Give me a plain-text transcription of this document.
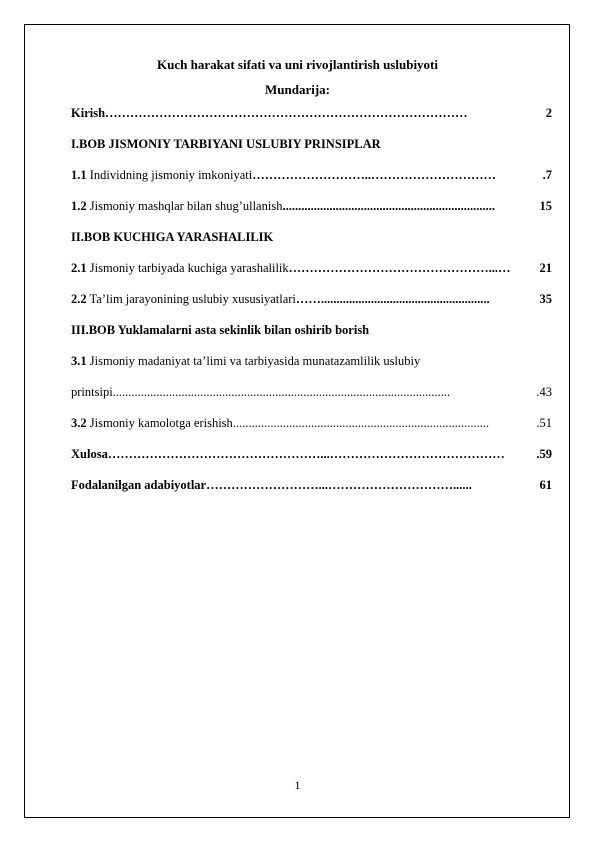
Kuch harakat sifati va uni rivojlantirish uslubiyoti
Mundarija:
Kirish ……………………………………………………………………………	2
I.BOB JISMONIY TARBIYANI USLUBIY PRINSIPLAR
1.1 Individning jismoniy imkoniyati ………………………..…………………………	.7
1.2 Jismoniy mashqlar bilan shug’ullanish ....................................................................	15
II.BOB KUCHIGA YARASHALILIK
2.1 Jismoniy tarbiyada kuchiga yarashalilik …………………………………………...…	21
2.2 Ta’lim jarayonining uslubiy xususiyatlari ……......................................................	35
III.BOB Yuklamalarni asta sekinlik bilan oshirib borish
3.1 Jismoniy madaniyat ta’limi va tarbiyasida munatazamlilik uslubiy
printsipi ............................................................................................................	.43
3.2 Jismoniy kamolotga erishish ..................................................................................	.51
Xulosa ……………………………………………...……………………………………	.59
Fodalanilgan adabiyotlar ………………………...…………………………......	61
1
